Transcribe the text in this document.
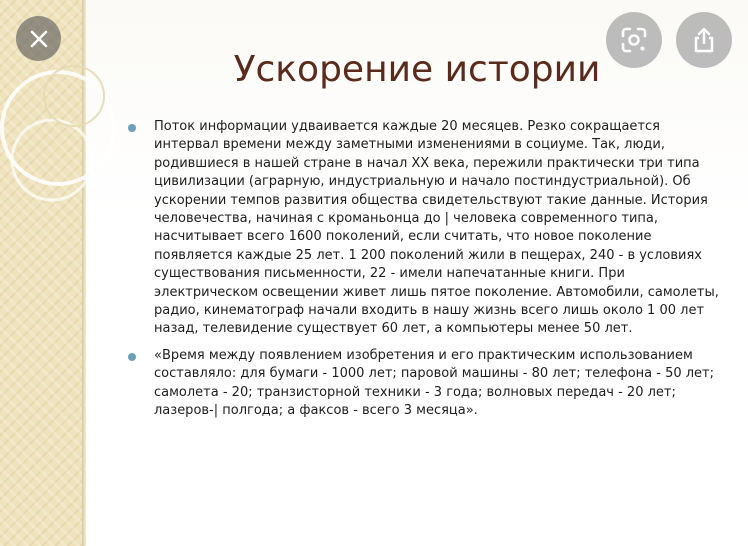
Ускорение истории
Поток информации удваивается каждые 20 месяцев. Резко сокращается интервал времени между заметными изменениями в социуме. Так, люди, родившиеся в нашей стране в начал XX века, пережили практически три типа цивилизации (аграрную, индустриальную и начало постиндустриальной). Об ускорении темпов развития общества свидетельствуют такие данные. История человечества, начиная с кроманьонца до | человека современного типа, насчитывает всего 1600 поколений, если считать, что новое поколение появляется каждые 25 лет. 1 200 поколений жили в пещерах, 240 - в условиях существования письменности, 22 - имели напечатанные книги. При электрическом освещении живет лишь пятое поколение. Автомобили, самолеты, радио, кинематограф начали входить в нашу жизнь всего лишь около 1 00 лет назад, телевидение существует 60 лет, а компьютеры менее 50 лет.
«Время между появлением изобретения и его практическим использованием составляло: для бумаги - 1000 лет; паровой машины - 80 лет; телефона - 50 лет; самолета - 20; транзисторной техники - 3 года; волновых передач - 20 лет; лазеров-| полгода; а факсов - всего 3 месяца».
